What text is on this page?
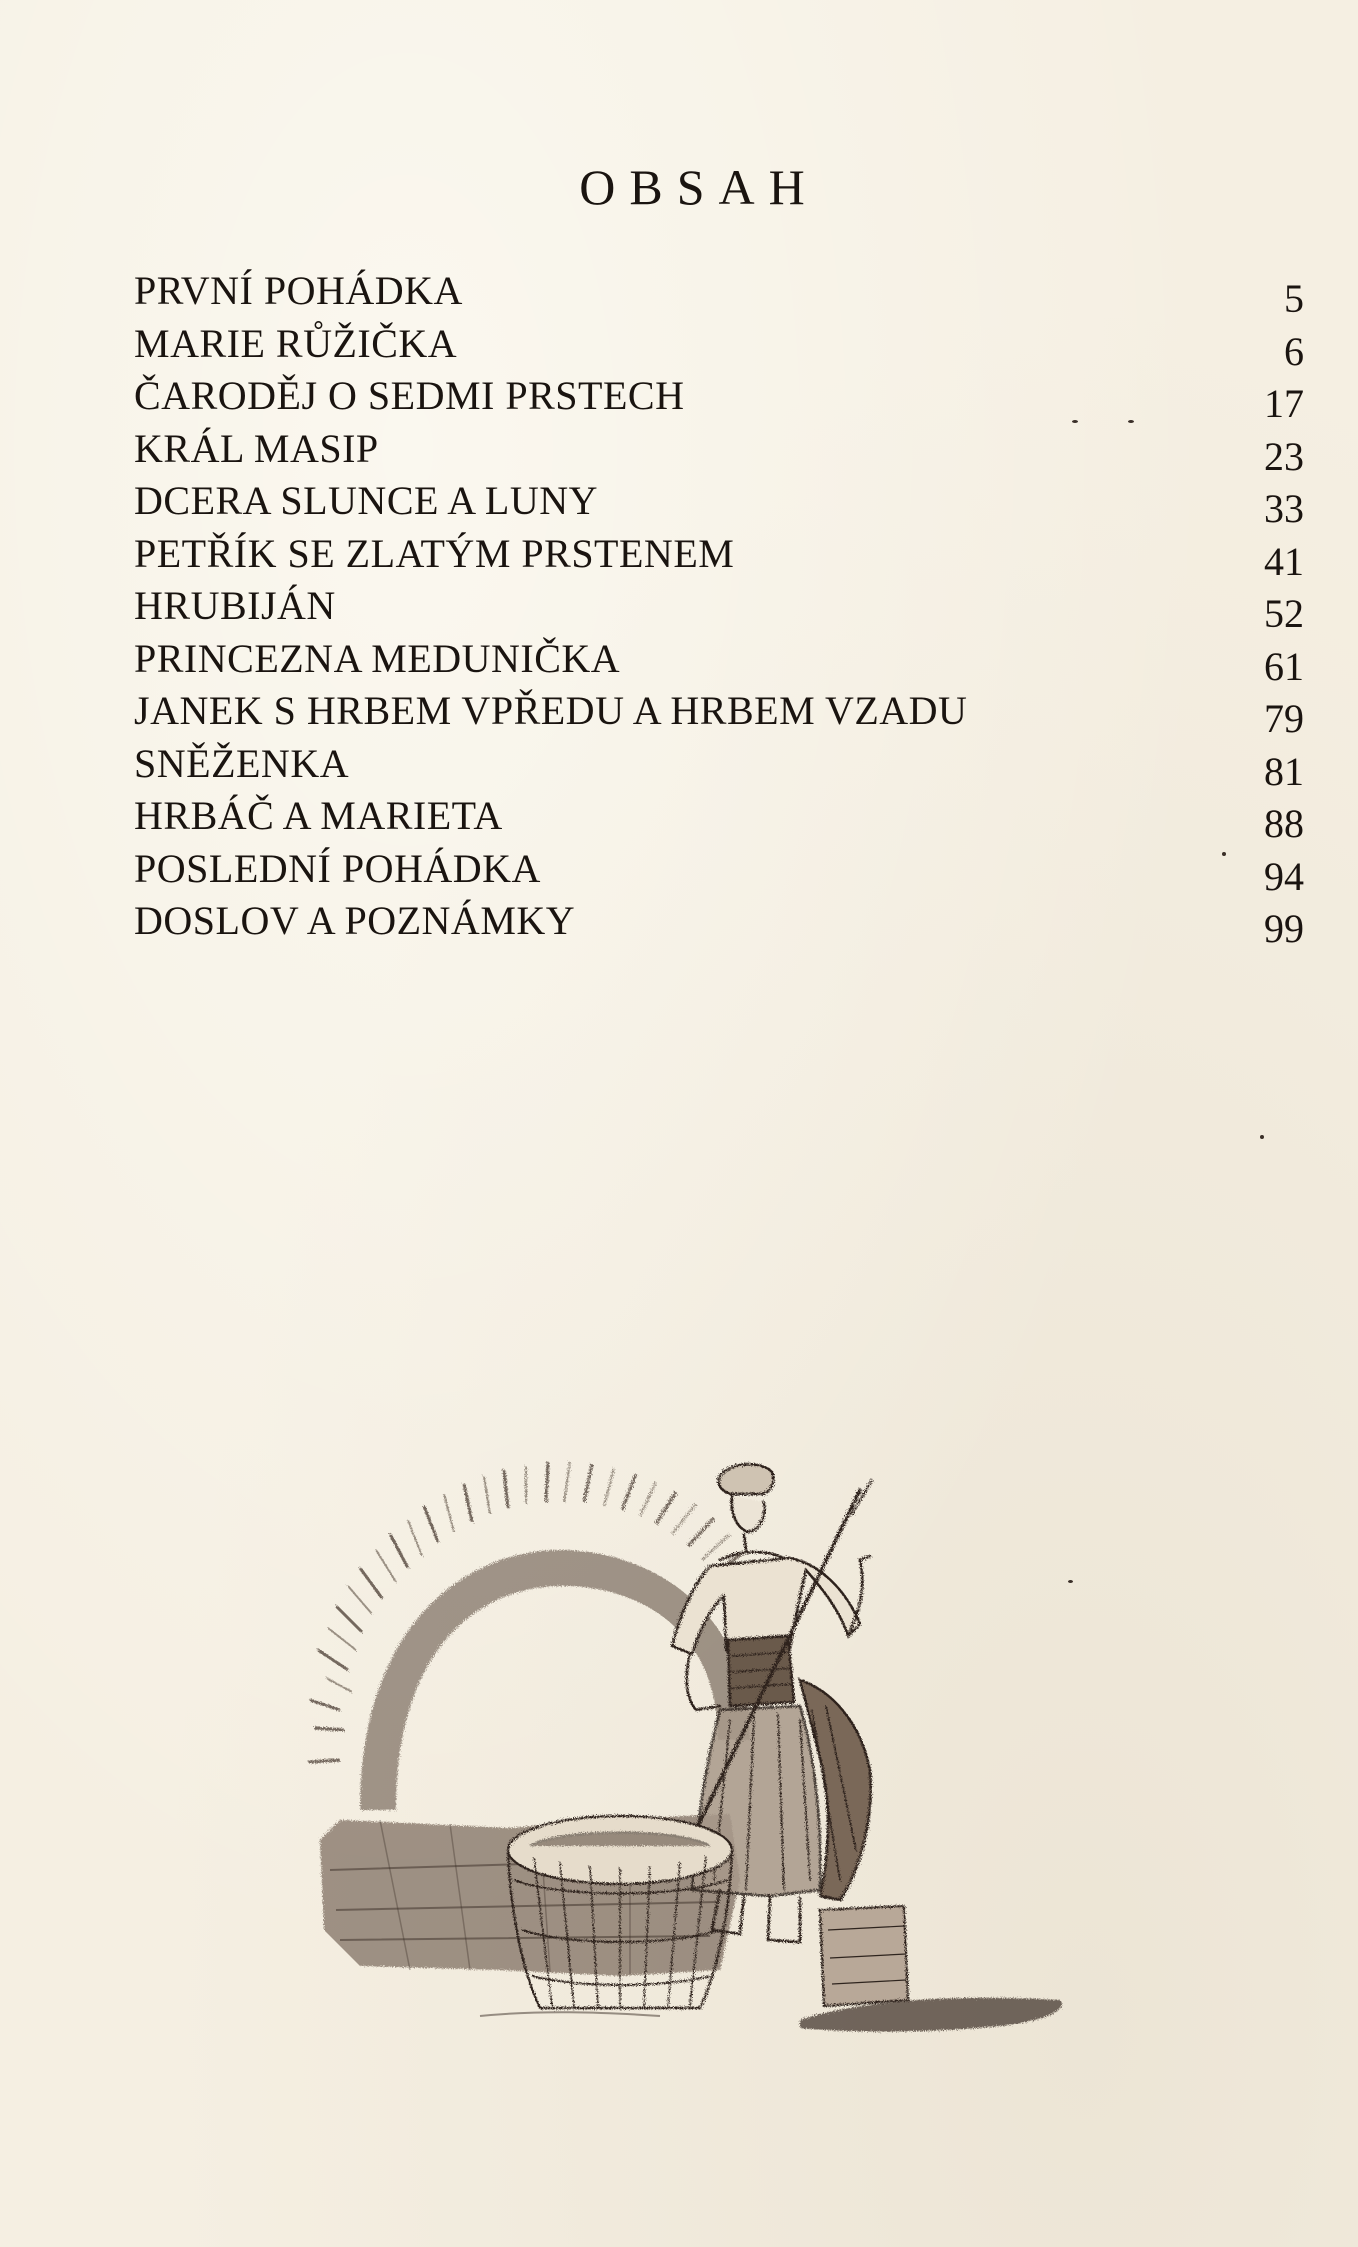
OBSAH
PRVNÍ POHÁDKA	5
MARIE RŮŽIČKA	6
ČARODĚJ O SEDMI PRSTECH	17
KRÁL MASIP	23
DCERA SLUNCE A LUNY	33
PETŘÍK SE ZLATÝM PRSTENEM	41
HRUBIJÁN	52
PRINCEZNA MEDUNIČKA	61
JANEK S HRBEM VPŘEDU A HRBEM VZADU	79
SNĚŽENKA	81
HRBÁČ A MARIETA	88
POSLEDNÍ POHÁDKA	94
DOSLOV A POZNÁMKY	99
